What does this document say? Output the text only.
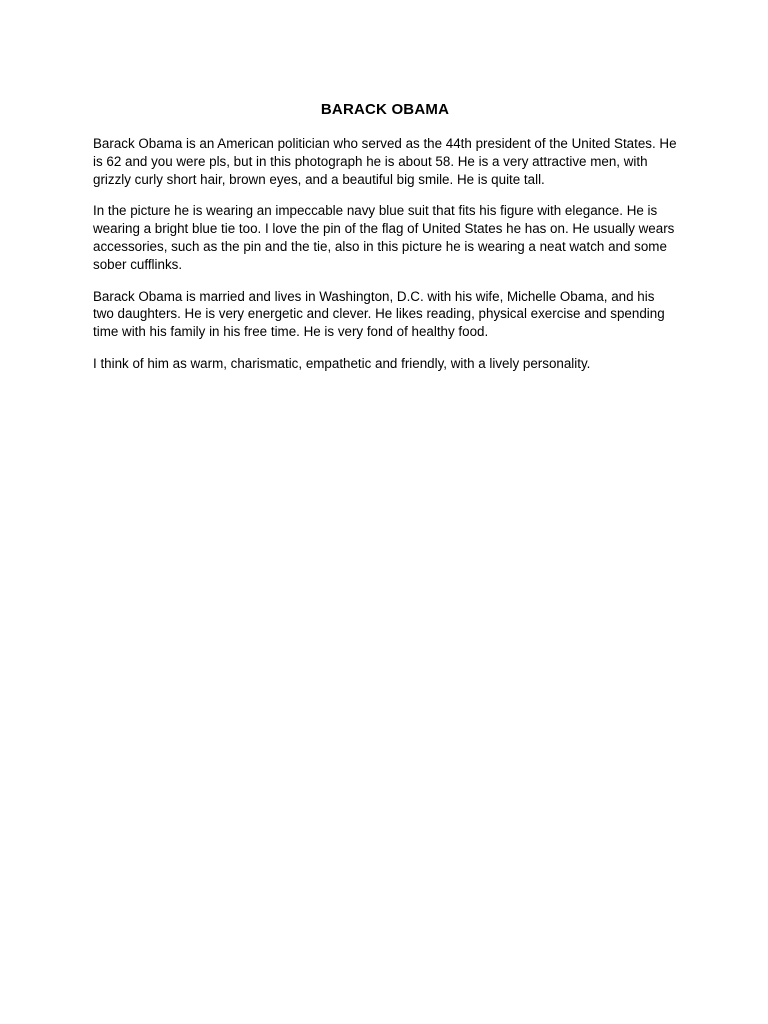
BARACK OBAMA

Barack Obama is an American politician who served as the 44th president of the United States. He is 62 and you were pls, but in this photograph he is about 58. He is a very attractive men, with grizzly curly short hair, brown eyes, and a beautiful big smile. He is quite tall.

In the picture he is wearing an impeccable navy blue suit that fits his figure with elegance. He is wearing a bright blue tie too. I love the pin of the flag of United States he has on. He usually wears accessories, such as the pin and the tie, also in this picture he is wearing a neat watch and some sober cufflinks.

Barack Obama is married and lives in Washington, D.C. with his wife, Michelle Obama, and his two daughters. He is very energetic and clever. He likes reading, physical exercise and spending time with his family in his free time. He is very fond of healthy food.

I think of him as warm, charismatic, empathetic and friendly, with a lively personality.
